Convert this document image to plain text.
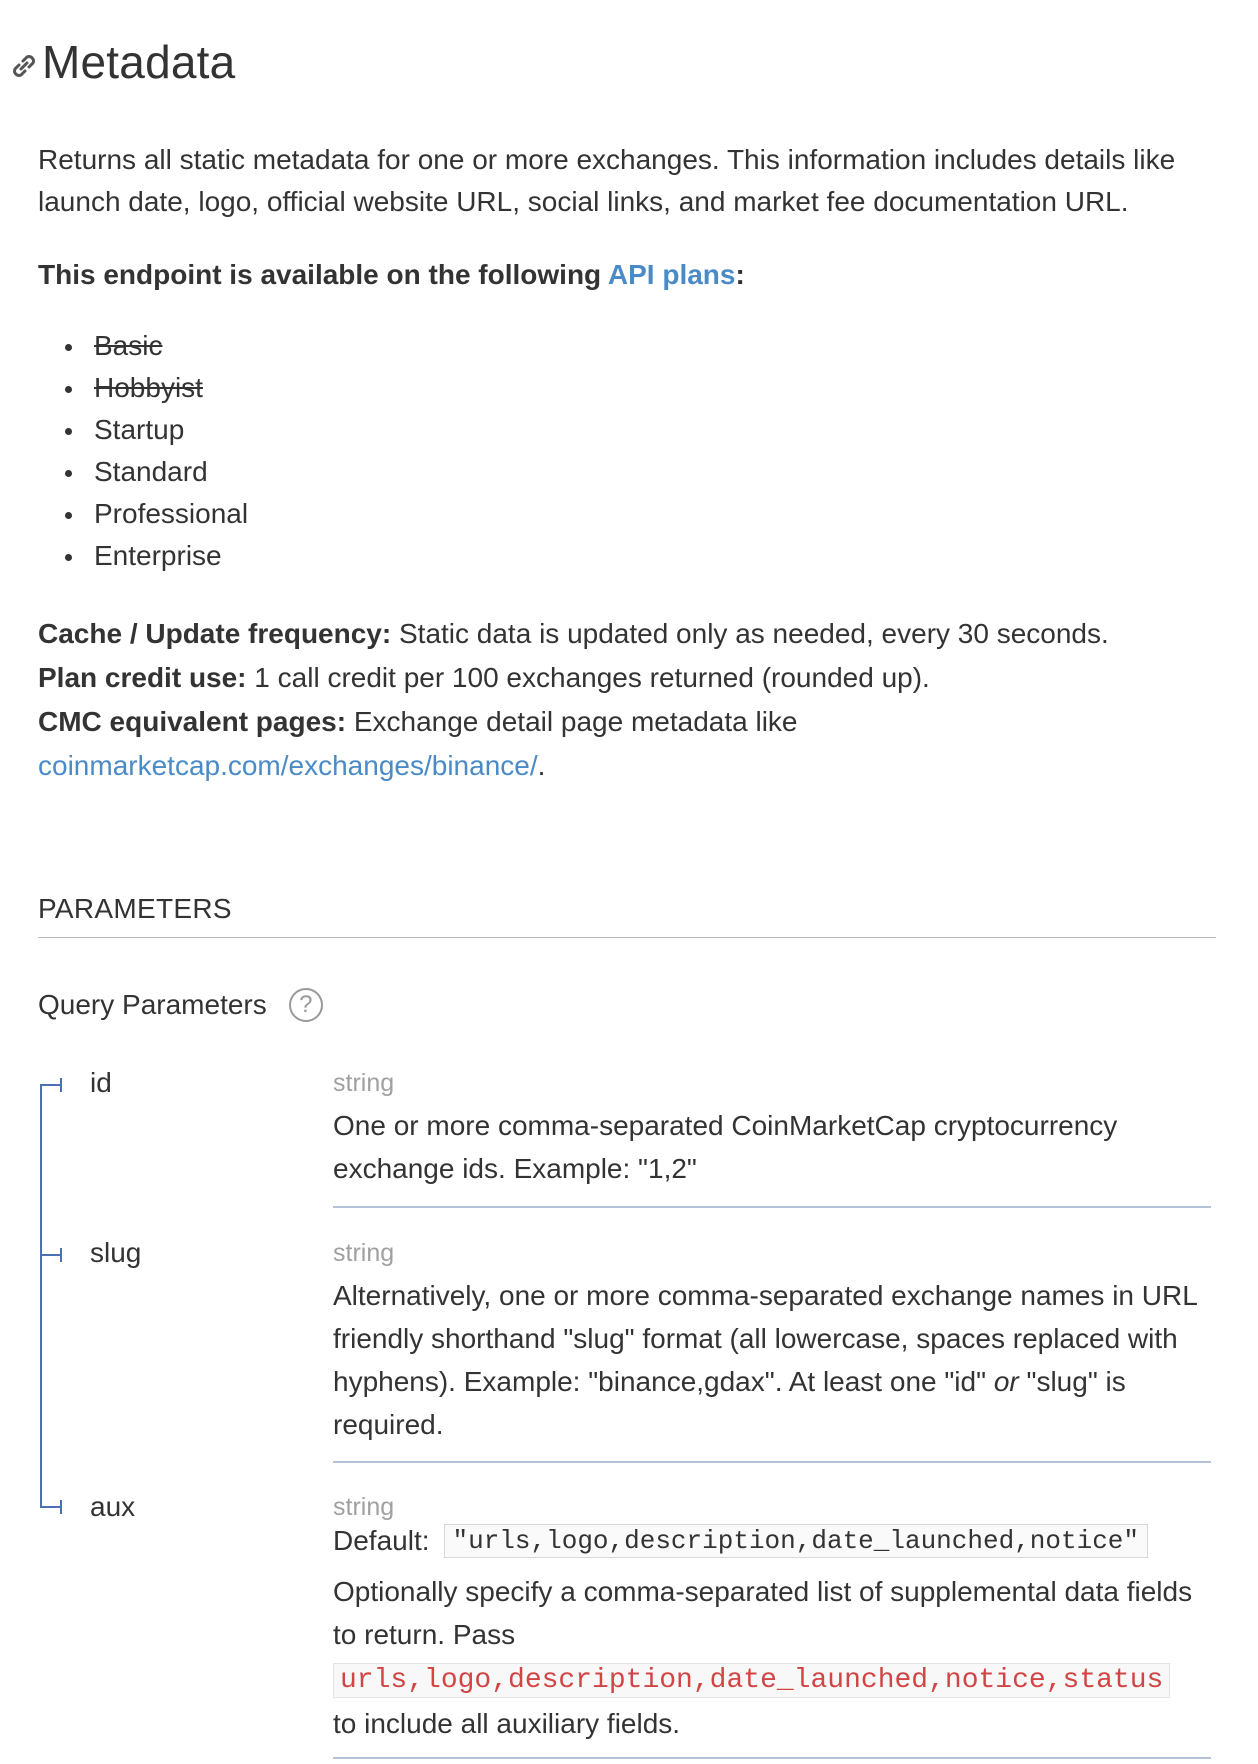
Metadata
Returns all static metadata for one or more exchanges. This information includes details like launch date, logo, official website URL, social links, and market fee documentation URL.
This endpoint is available on the following API plans:
Basic
Hobbyist
Startup
Standard
Professional
Enterprise
Cache / Update frequency: Static data is updated only as needed, every 30 seconds.
Plan credit use: 1 call credit per 100 exchanges returned (rounded up).
CMC equivalent pages: Exchange detail page metadata like
coinmarketcap.com/exchanges/binance/.
PARAMETERS
Query Parameters	?
id	string
One or more comma-separated CoinMarketCap cryptocurrency exchange ids. Example: "1,2"
slug	string
Alternatively, one or more comma-separated exchange names in URL friendly shorthand "slug" format (all lowercase, spaces replaced with hyphens). Example: "binance,gdax". At least one "id" or "slug" is required.
aux	string
Default: "urls,logo,description,date_launched,notice"
Optionally specify a comma-separated list of supplemental data fields to return. Pass
urls,logo,description,date_launched,notice,status
to include all auxiliary fields.
